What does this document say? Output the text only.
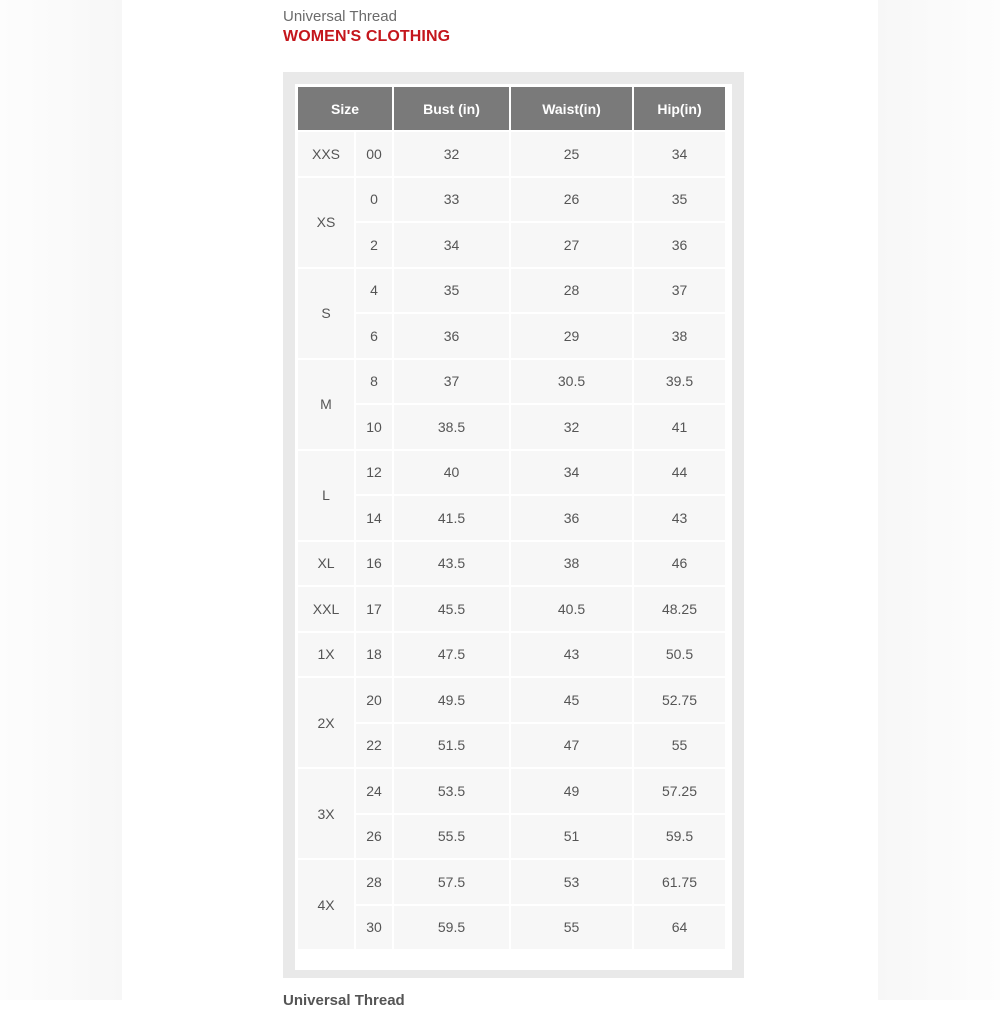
Universal Thread
WOMEN'S CLOTHING
Size		Bust (in)	Waist(in)	Hip(in)
XXS	00	32	25	34
XS	0	33	26	35
	2	34	27	36
S	4	35	28	37
	6	36	29	38
M	8	37	30.5	39.5
	10	38.5	32	41
L	12	40	34	44
	14	41.5	36	43
XL	16	43.5	38	46
XXL	17	45.5	40.5	48.25
1X	18	47.5	43	50.5
2X	20	49.5	45	52.75
	22	51.5	47	55
3X	24	53.5	49	57.25
	26	55.5	51	59.5
4X	28	57.5	53	61.75
	30	59.5	55	64
Universal Thread
